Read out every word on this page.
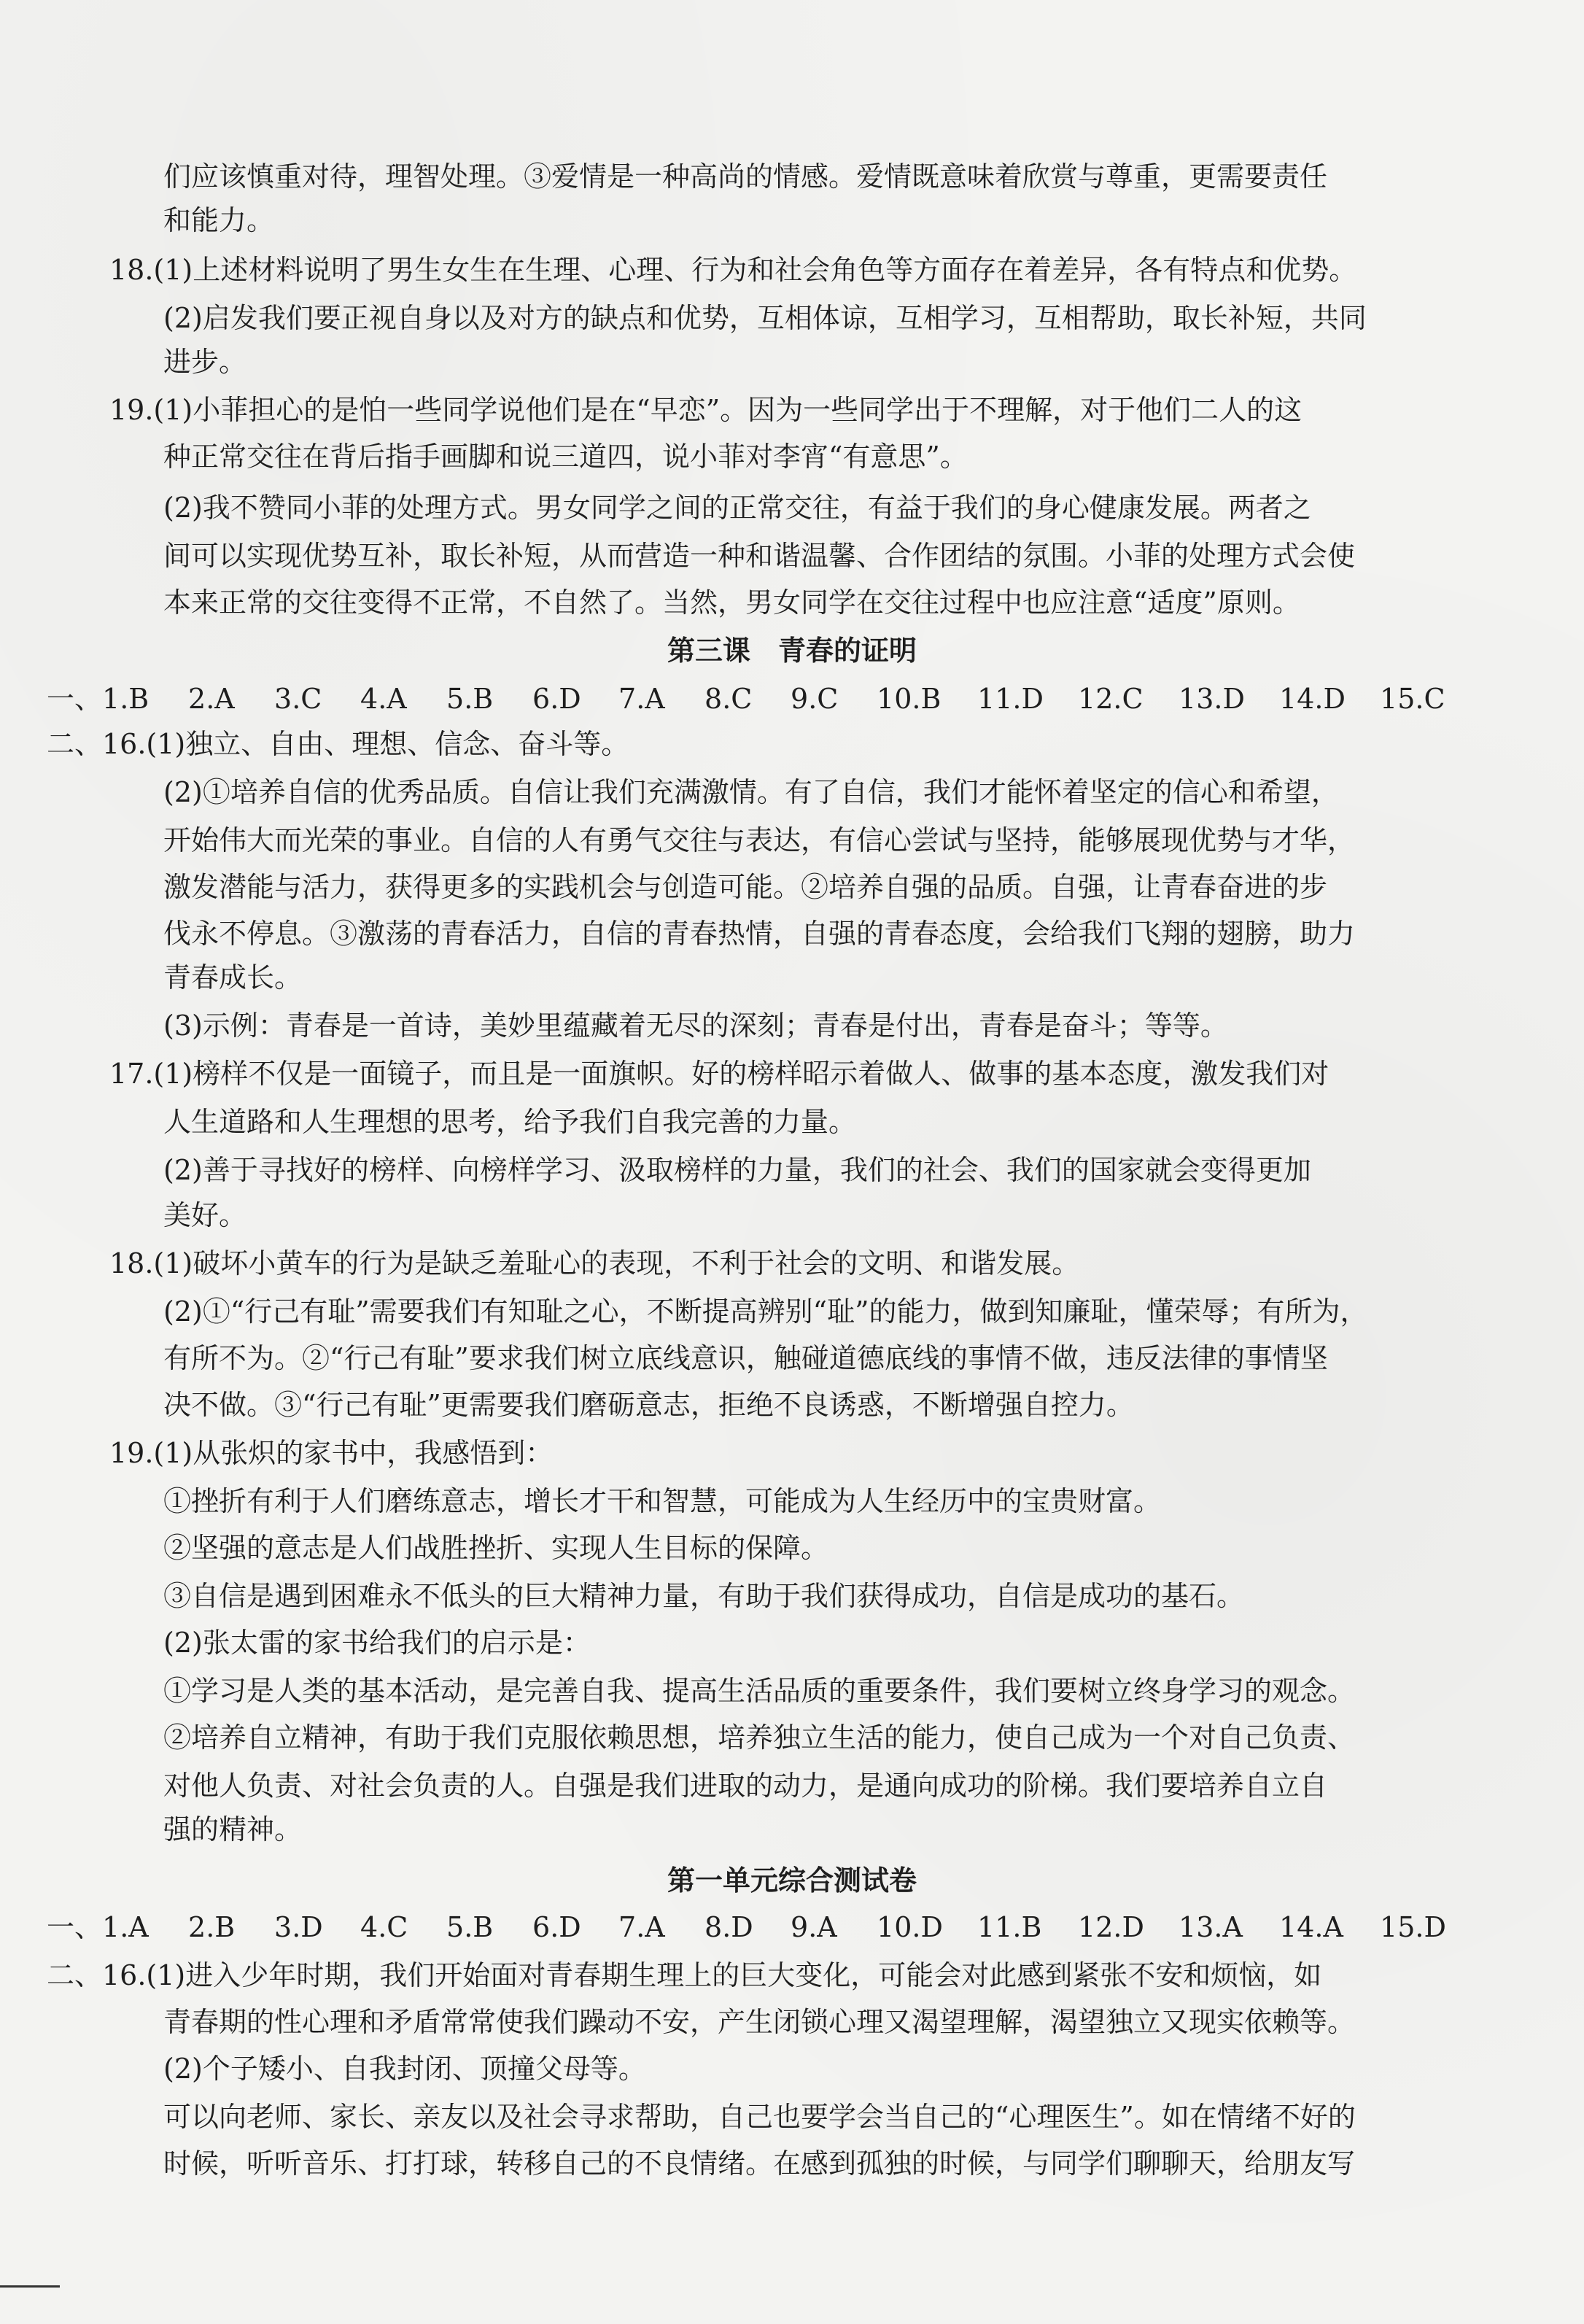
们应该慎重对待，理智处理。③爱情是一种高尚的情感。爱情既意味着欣赏与尊重，更需要责任
和能力。
18.(1)上述材料说明了男生女生在生理、心理、行为和社会角色等方面存在着差异，各有特点和优势。
(2)启发我们要正视自身以及对方的缺点和优势，互相体谅，互相学习，互相帮助，取长补短，共同
进步。
19.(1)小菲担心的是怕一些同学说他们是在“早恋”。因为一些同学出于不理解，对于他们二人的这
种正常交往在背后指手画脚和说三道四，说小菲对李宵“有意思”。
(2)我不赞同小菲的处理方式。男女同学之间的正常交往，有益于我们的身心健康发展。两者之
间可以实现优势互补，取长补短，从而营造一种和谐温馨、合作团结的氛围。小菲的处理方式会使
本来正常的交往变得不正常，不自然了。当然，男女同学在交往过程中也应注意“适度”原则。
第三课　青春的证明
一、1.B 2.A 3.C 4.A 5.B 6.D 7.A 8.C 9.C 10.B 11.D 12.C 13.D 14.D 15.C
二、16.(1)独立、自由、理想、信念、奋斗等。
(2)①培养自信的优秀品质。自信让我们充满激情。有了自信，我们才能怀着坚定的信心和希望，
开始伟大而光荣的事业。自信的人有勇气交往与表达，有信心尝试与坚持，能够展现优势与才华，
激发潜能与活力，获得更多的实践机会与创造可能。②培养自强的品质。自强，让青春奋进的步
伐永不停息。③激荡的青春活力，自信的青春热情，自强的青春态度，会给我们飞翔的翅膀，助力
青春成长。
(3)示例：青春是一首诗，美妙里蕴藏着无尽的深刻；青春是付出，青春是奋斗；等等。
17.(1)榜样不仅是一面镜子，而且是一面旗帜。好的榜样昭示着做人、做事的基本态度，激发我们对
人生道路和人生理想的思考，给予我们自我完善的力量。
(2)善于寻找好的榜样、向榜样学习、汲取榜样的力量，我们的社会、我们的国家就会变得更加
美好。
18.(1)破坏小黄车的行为是缺乏羞耻心的表现，不利于社会的文明、和谐发展。
(2)①“行己有耻”需要我们有知耻之心，不断提高辨别“耻”的能力，做到知廉耻，懂荣辱；有所为，
有所不为。②“行己有耻”要求我们树立底线意识，触碰道德底线的事情不做，违反法律的事情坚
决不做。③“行己有耻”更需要我们磨砺意志，拒绝不良诱惑，不断增强自控力。
19.(1)从张炽的家书中，我感悟到：
①挫折有利于人们磨练意志，增长才干和智慧，可能成为人生经历中的宝贵财富。
②坚强的意志是人们战胜挫折、实现人生目标的保障。
③自信是遇到困难永不低头的巨大精神力量，有助于我们获得成功，自信是成功的基石。
(2)张太雷的家书给我们的启示是：
①学习是人类的基本活动，是完善自我、提高生活品质的重要条件，我们要树立终身学习的观念。
②培养自立精神，有助于我们克服依赖思想，培养独立生活的能力，使自己成为一个对自己负责、
对他人负责、对社会负责的人。自强是我们进取的动力，是通向成功的阶梯。我们要培养自立自
强的精神。
第一单元综合测试卷
一、1.A 2.B 3.D 4.C 5.B 6.D 7.A 8.D 9.A 10.D 11.B 12.D 13.A 14.A 15.D
二、16.(1)进入少年时期，我们开始面对青春期生理上的巨大变化，可能会对此感到紧张不安和烦恼，如
青春期的性心理和矛盾常常使我们躁动不安，产生闭锁心理又渴望理解，渴望独立又现实依赖等。
(2)个子矮小、自我封闭、顶撞父母等。
可以向老师、家长、亲友以及社会寻求帮助，自己也要学会当自己的“心理医生”。如在情绪不好的
时候，听听音乐、打打球，转移自己的不良情绪。在感到孤独的时候，与同学们聊聊天，给朋友写
